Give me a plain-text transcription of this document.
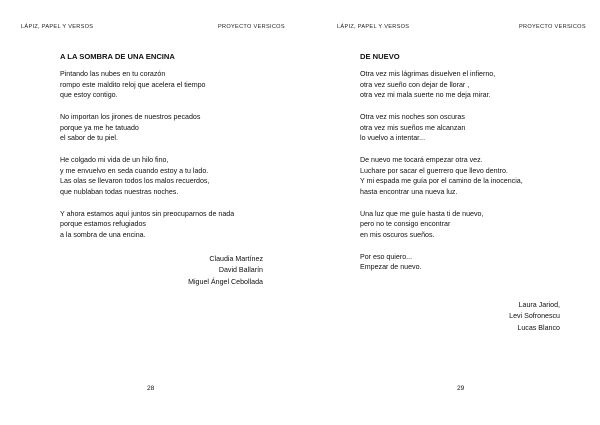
LÁPIZ, PAPEL Y VERSOS	PROYECTO VERSICOS
A LA SOMBRA DE UNA ENCINA
Pintando las nubes en tu corazón
rompo este maldito reloj que acelera el tiempo
que estoy contigo.
No importan los jirones de nuestros pecados
porque ya me he tatuado
el sabor de tu piel.
He colgado mi vida de un hilo fino,
y me envuelvo en seda cuando estoy a tu lado.
Las olas se llevaron todos los malos recuerdos,
que nublaban todas nuestras noches.
Y ahora estamos aquí juntos sin preocuparnos de nada
porque estamos refugiados
a la sombra de una encina.
Claudia Martínez
David Ballarín
Miguel Ángel Cebollada
28
LÁPIZ, PAPEL Y VERSOS	PROYECTO VERSICOS
DE NUEVO
Otra vez mis lágrimas disuelven el infierno,
otra vez sueño con dejar de llorar ,
otra vez mi mala suerte no me deja mirar.
Otra vez mis noches son oscuras
otra vez mis sueños me alcanzan
lo vuelvo a intentar...
De nuevo me tocará empezar otra vez.
Luchare por sacar el guerrero que llevo dentro.
Y mi espada me guía por el camino de la inocencia,
hasta encontrar una nueva luz.
Una luz que me guíe hasta ti de nuevo,
pero no te consigo encontrar
en mis oscuros sueños.
Por eso quiero...
Empezar de nuevo.
Laura Jariod,
Levi Sofronescu
Lucas Blanco
29
